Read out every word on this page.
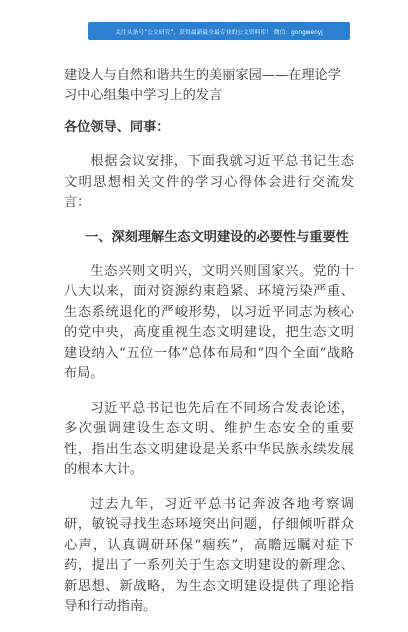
关注头条号“公文研究”，获得最新最全最专业的公文资料库！ 微信：gongwenyj

建设人与自然和谐共生的美丽家园——在理论学习中心组集中学习上的发言

各位领导、同事：

根据会议安排，下面我就习近平总书记生态文明思想相关文件的学习心得体会进行交流发言：

一、深刻理解生态文明建设的必要性与重要性

生态兴则文明兴，文明兴则国家兴。党的十八大以来，面对资源约束趋紧、环境污染严重、生态系统退化的严峻形势，以习近平同志为核心的党中央，高度重视生态文明建设，把生态文明建设纳入“五位一体”总体布局和“四个全面”战略布局。

习近平总书记也先后在不同场合发表论述，多次强调建设生态文明、维护生态安全的重要性，指出生态文明建设是关系中华民族永续发展的根本大计。

过去九年，习近平总书记奔波各地考察调研，敏锐寻找生态环境突出问题，仔细倾听群众心声，认真调研环保“痼疾”，高瞻远瞩对症下药，提出了一系列关于生态文明建设的新理念、新思想、新战略，为生态文明建设提供了理论指导和行动指南。
